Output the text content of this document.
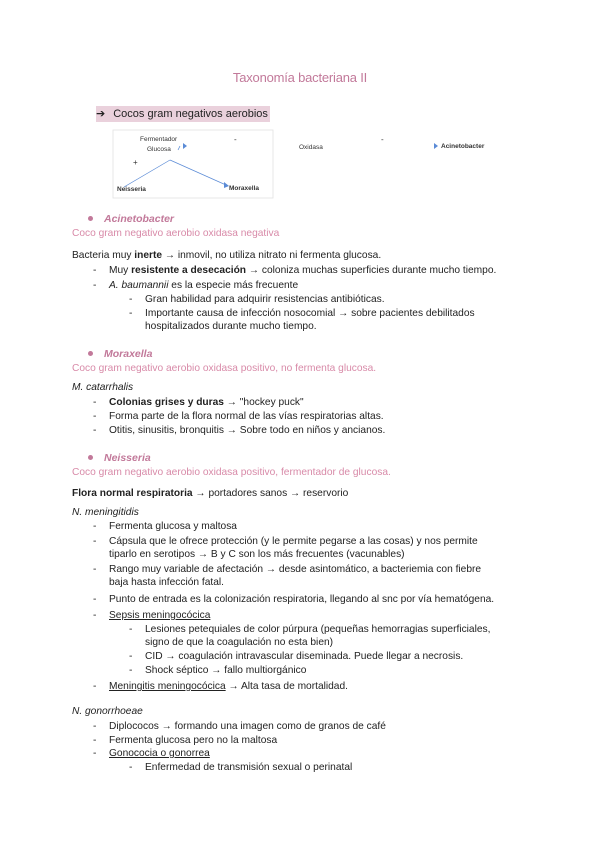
Taxonomía bacteriana II
➔ Cocos gram negativos aerobios
Fermentador
Glucosa
+
-	-
Oxidasa	Acinetobacter
Neisseria	Moraxella
Acinetobacter
Coco gram negativo aerobio oxidasa negativa
Bacteria muy inerte → inmovil, no utiliza nitrato ni fermenta glucosa.
- Muy resistente a desecación → coloniza muchas superficies durante mucho tiempo.
- A. baumannii es la especie más frecuente
- Gran habilidad para adquirir resistencias antibióticas.
- Importante causa de infección nosocomial → sobre pacientes debilitados
hospitalizados durante mucho tiempo.
Moraxella
Coco gram negativo aerobio oxidasa positivo, no fermenta glucosa.
M. catarrhalis
- Colonias grises y duras → "hockey puck"
- Forma parte de la flora normal de las vías respiratorias altas.
- Otitis, sinusitis, bronquitis → Sobre todo en niños y ancianos.
Neisseria
Coco gram negativo aerobio oxidasa positivo, fermentador de glucosa.
Flora normal respiratoria → portadores sanos → reservorio
N. meningitidis
- Fermenta glucosa y maltosa
- Cápsula que le ofrece protección (y le permite pegarse a las cosas) y nos permite
tiparlo en serotipos → B y C son los más frecuentes (vacunables)
- Rango muy variable de afectación → desde asintomático, a bacteriemia con fiebre
baja hasta infección fatal.
- Punto de entrada es la colonización respiratoria, llegando al snc por vía hematógena.
- Sepsis meningocócica
- Lesiones petequiales de color púrpura (pequeñas hemorragias superficiales,
signo de que la coagulación no esta bien)
- CID → coagulación intravascular diseminada. Puede llegar a necrosis.
- Shock séptico → fallo multiorgánico
- Meningitis meningocócica → Alta tasa de mortalidad.
N. gonorrhoeae
- Diplococos → formando una imagen como de granos de café
- Fermenta glucosa pero no la maltosa
- Gonococia o gonorrea
- Enfermedad de transmisión sexual o perinatal
